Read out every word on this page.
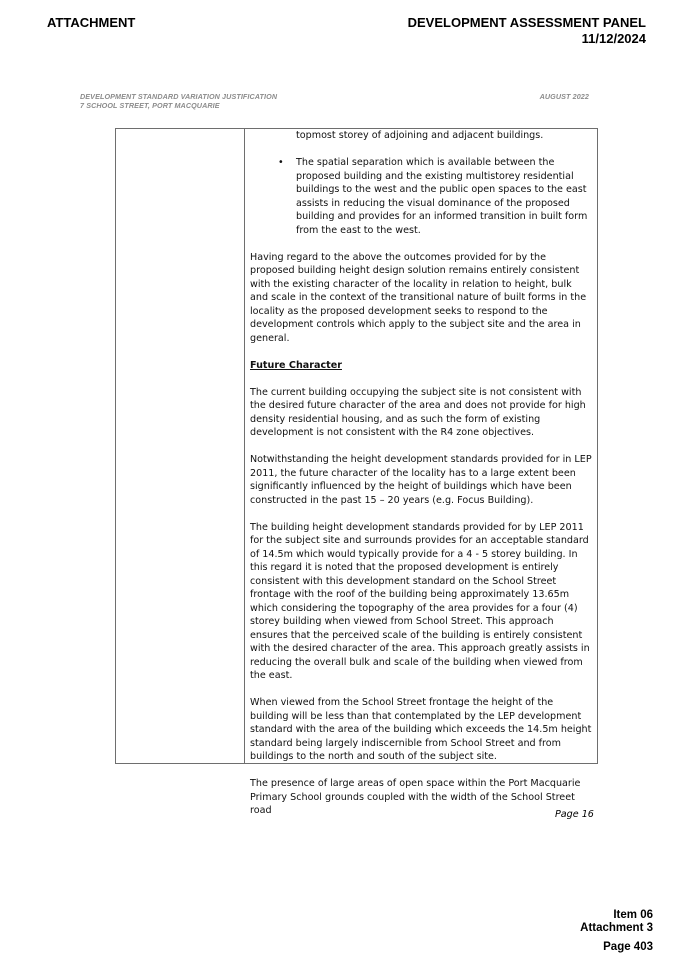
ATTACHMENT	DEVELOPMENT ASSESSMENT PANEL
11/12/2024
DEVELOPMENT STANDARD VARIATION JUSTIFICATION
7 SCHOOL STREET, PORT MACQUARIE
AUGUST 2022

topmost storey of adjoining and adjacent buildings.

• The spatial separation which is available between the proposed building and the existing multistorey residential buildings to the west and the public open spaces to the east assists in reducing the visual dominance of the proposed building and provides for an informed transition in built form from the east to the west.

Having regard to the above the outcomes provided for by the proposed building height design solution remains entirely consistent with the existing character of the locality in relation to height, bulk and scale in the context of the transitional nature of built forms in the locality as the proposed development seeks to respond to the development controls which apply to the subject site and the area in general.

Future Character

The current building occupying the subject site is not consistent with the desired future character of the area and does not provide for high density residential housing, and as such the form of existing development is not consistent with the R4 zone objectives.

Notwithstanding the height development standards provided for in LEP 2011, the future character of the locality has to a large extent been significantly influenced by the height of buildings which have been constructed in the past 15 – 20 years (e.g. Focus Building).

The building height development standards provided for by LEP 2011 for the subject site and surrounds provides for an acceptable standard of 14.5m which would typically provide for a 4 - 5 storey building. In this regard it is noted that the proposed development is entirely consistent with this development standard on the School Street frontage with the roof of the building being approximately 13.65m which considering the topography of the area provides for a four (4) storey building when viewed from School Street. This approach ensures that the perceived scale of the building is entirely consistent with the desired character of the area. This approach greatly assists in reducing the overall bulk and scale of the building when viewed from the east.

When viewed from the School Street frontage the height of the building will be less than that contemplated by the LEP development standard with the area of the building which exceeds the 14.5m height standard being largely indiscernible from School Street and from buildings to the north and south of the subject site.

The presence of large areas of open space within the Port Macquarie Primary School grounds coupled with the width of the School Street road	Page 16
Item 06
Attachment 3
Page 403
